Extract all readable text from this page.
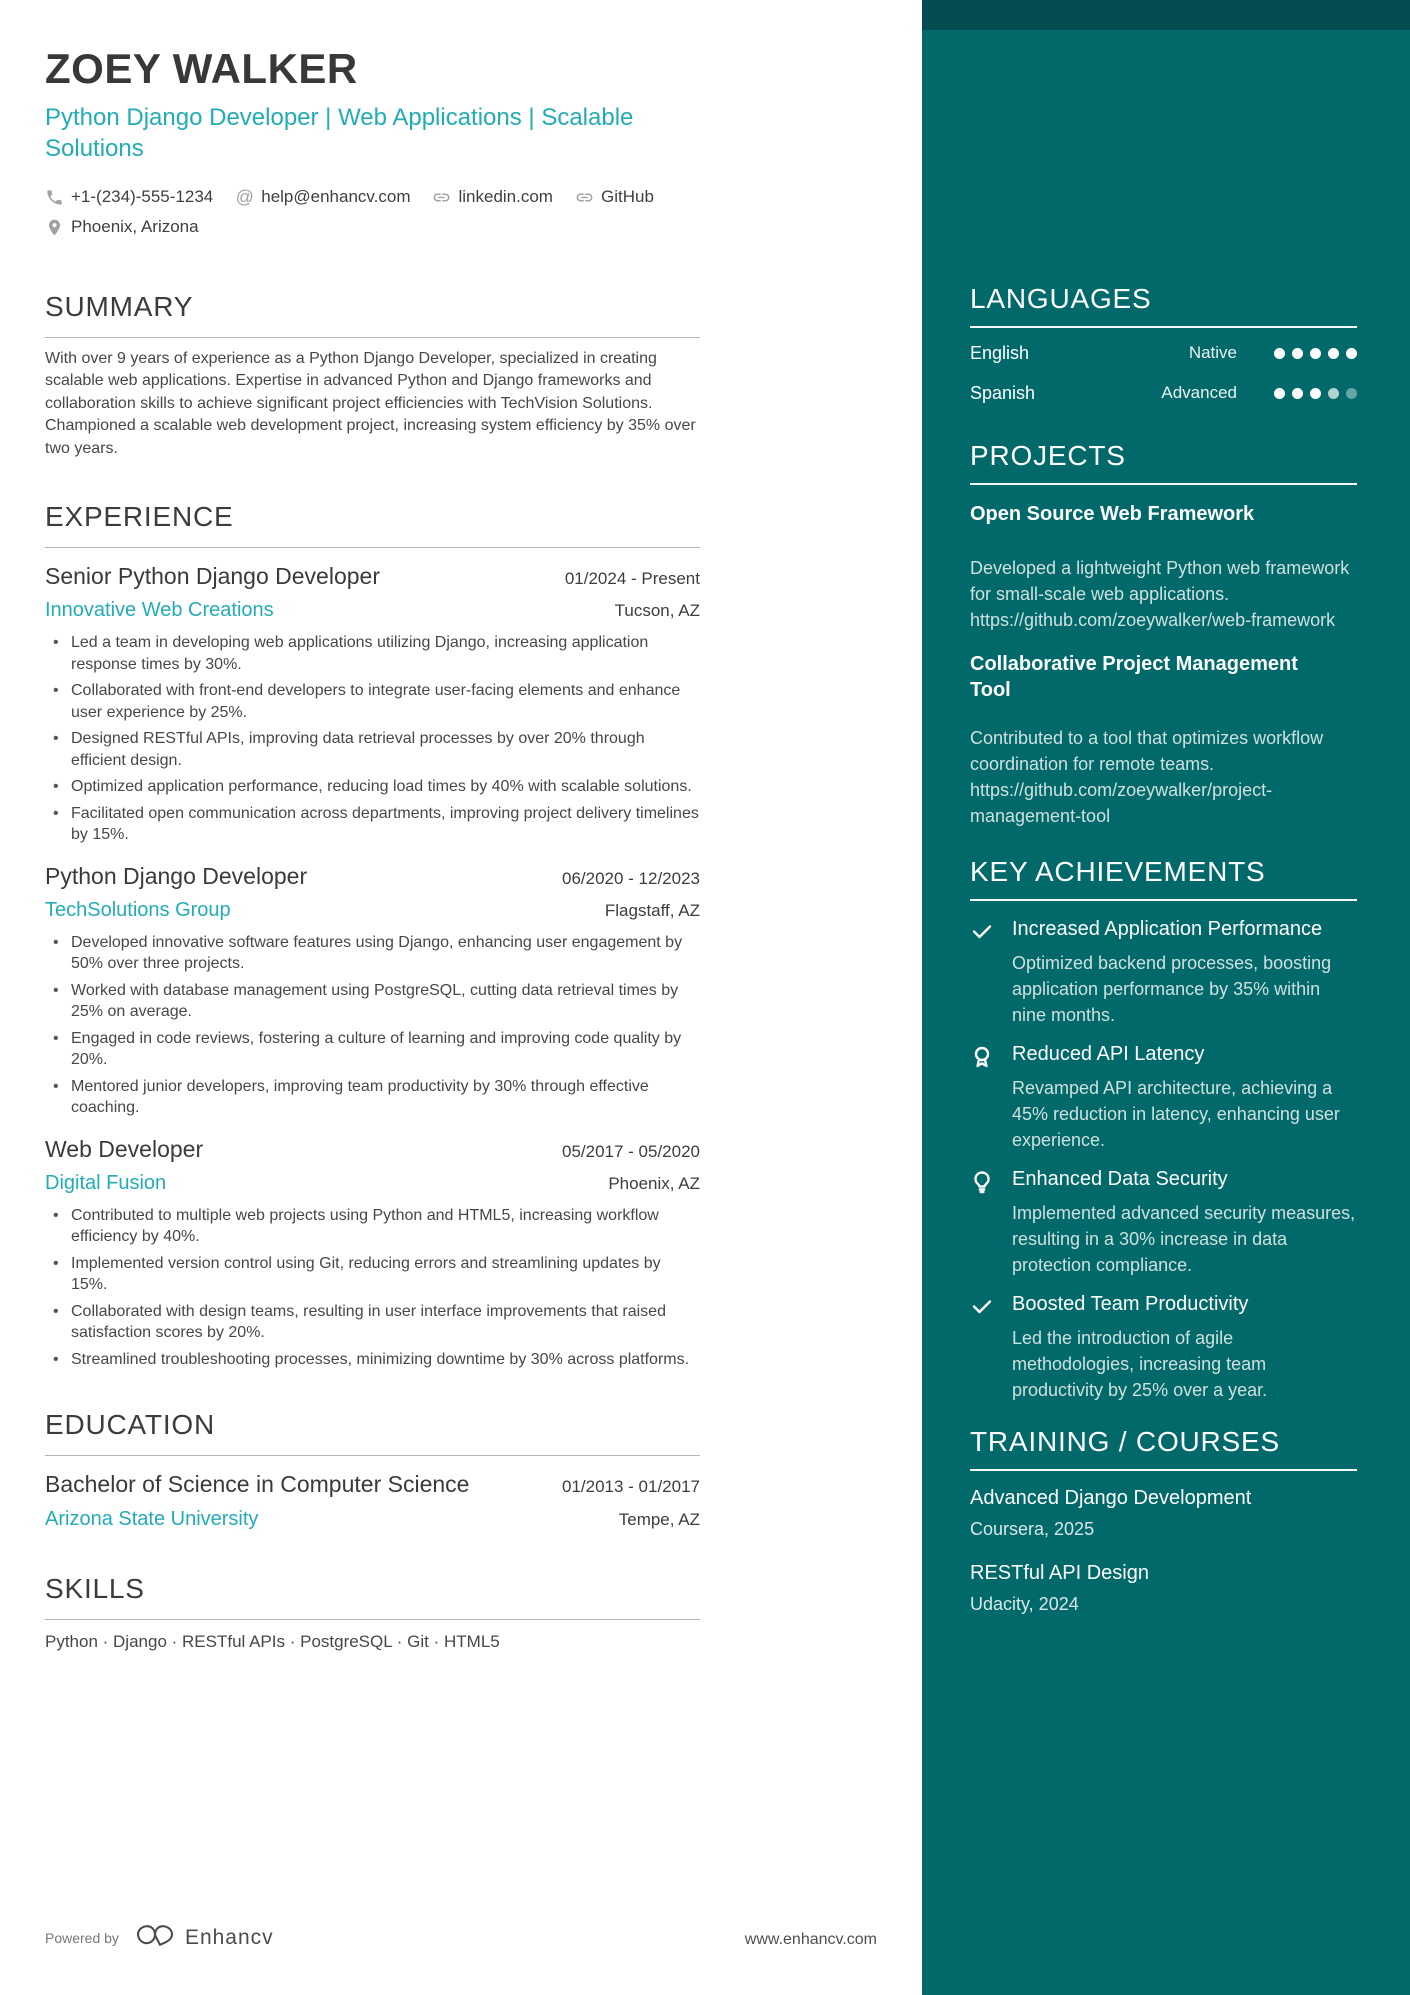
ZOEY WALKER
Python Django Developer | Web Applications | Scalable Solutions
+1-(234)-555-1234 @ help@enhancv.com	linkedin.com	GitHub
Phoenix, Arizona
SUMMARY
With over 9 years of experience as a Python Django Developer, specialized in creating scalable web applications. Expertise in advanced Python and Django frameworks and collaboration skills to achieve significant project efficiencies with TechVision Solutions. Championed a scalable web development project, increasing system efficiency by 35% over two years.
EXPERIENCE
Senior Python Django Developer	01/2024 - Present
Innovative Web Creations	Tucson, AZ
• Led a team in developing web applications utilizing Django, increasing application response times by 30%.
• Collaborated with front-end developers to integrate user-facing elements and enhance user experience by 25%.
• Designed RESTful APIs, improving data retrieval processes by over 20% through efficient design.
• Optimized application performance, reducing load times by 40% with scalable solutions.
• Facilitated open communication across departments, improving project delivery timelines by 15%.
Python Django Developer	06/2020 - 12/2023
TechSolutions Group	Flagstaff, AZ
• Developed innovative software features using Django, enhancing user engagement by 50% over three projects.
• Worked with database management using PostgreSQL, cutting data retrieval times by 25% on average.
• Engaged in code reviews, fostering a culture of learning and improving code quality by 20%.
• Mentored junior developers, improving team productivity by 30% through effective coaching.
Web Developer	05/2017 - 05/2020
Digital Fusion	Phoenix, AZ
• Contributed to multiple web projects using Python and HTML5, increasing workflow efficiency by 40%.
• Implemented version control using Git, reducing errors and streamlining updates by 15%.
• Collaborated with design teams, resulting in user interface improvements that raised satisfaction scores by 20%.
• Streamlined troubleshooting processes, minimizing downtime by 30% across platforms.
EDUCATION
Bachelor of Science in Computer Science	01/2013 - 01/2017
Arizona State University	Tempe, AZ
SKILLS
Python · Django · RESTful APIs · PostgreSQL · Git · HTML5
LANGUAGES
English	Native
Spanish	Advanced
PROJECTS
Open Source Web Framework
Developed a lightweight Python web framework for small-scale web applications.
https://github.com/zoeywalker/web-framework
Collaborative Project Management Tool
Contributed to a tool that optimizes workflow coordination for remote teams.
https://github.com/zoeywalker/project-management-tool
KEY ACHIEVEMENTS
Increased Application Performance
Optimized backend processes, boosting application performance by 35% within nine months.
Reduced API Latency
Revamped API architecture, achieving a 45% reduction in latency, enhancing user experience.
Enhanced Data Security
Implemented advanced security measures, resulting in a 30% increase in data protection compliance.
Boosted Team Productivity
Led the introduction of agile methodologies, increasing team productivity by 25% over a year.
TRAINING / COURSES
Advanced Django Development
Coursera, 2025
RESTful API Design
Udacity, 2024
Powered by	Enhancv	www.enhancv.com
